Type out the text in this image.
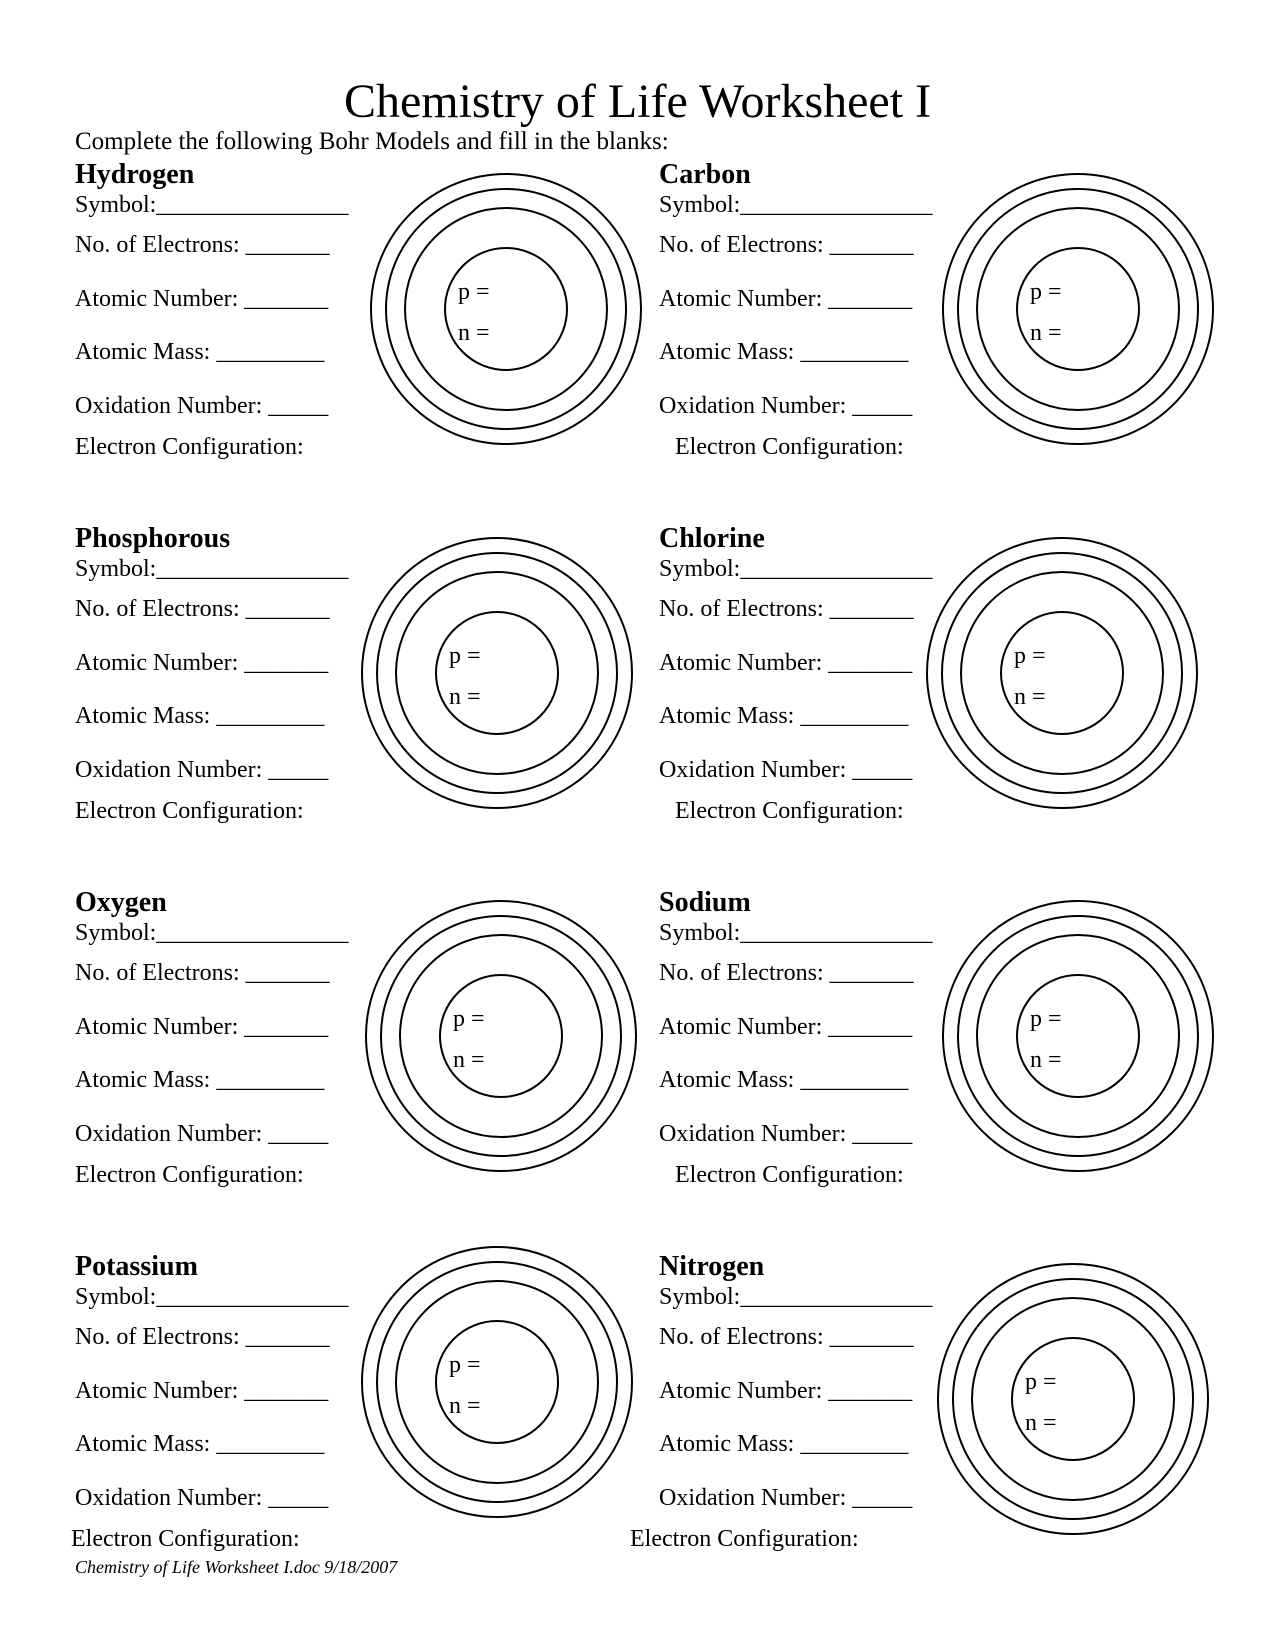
Chemistry of Life Worksheet I
Complete the following Bohr Models and fill in the blanks:
Hydrogen
Symbol:________________
No. of Electrons: _______
Atomic Number: _______
Atomic Mass: _________
Oxidation Number: _____
Electron Configuration:
Carbon
Symbol:________________
No. of Electrons: _______
Atomic Number: _______
Atomic Mass: _________
Oxidation Number: _____
Electron Configuration:
Phosphorous
Symbol:________________
No. of Electrons: _______
Atomic Number: _______
Atomic Mass: _________
Oxidation Number: _____
Electron Configuration:
Chlorine
Symbol:________________
No. of Electrons: _______
Atomic Number: _______
Atomic Mass: _________
Oxidation Number: _____
Electron Configuration:
Oxygen
Symbol:________________
No. of Electrons: _______
Atomic Number: _______
Atomic Mass: _________
Oxidation Number: _____
Electron Configuration:
Sodium
Symbol:________________
No. of Electrons: _______
Atomic Number: _______
Atomic Mass: _________
Oxidation Number: _____
Electron Configuration:
Potassium
Symbol:________________
No. of Electrons: _______
Atomic Number: _______
Atomic Mass: _________
Oxidation Number: _____
Electron Configuration:
Nitrogen
Symbol:________________
No. of Electrons: _______
Atomic Number: _______
Atomic Mass: _________
Oxidation Number: _____
Electron Configuration:
p =
n =
p =
n =
p =
n =
p =
n =
p =
n =
p =
n =
p =
n =
p =
n =
Chemistry of Life Worksheet I.doc 9/18/2007
